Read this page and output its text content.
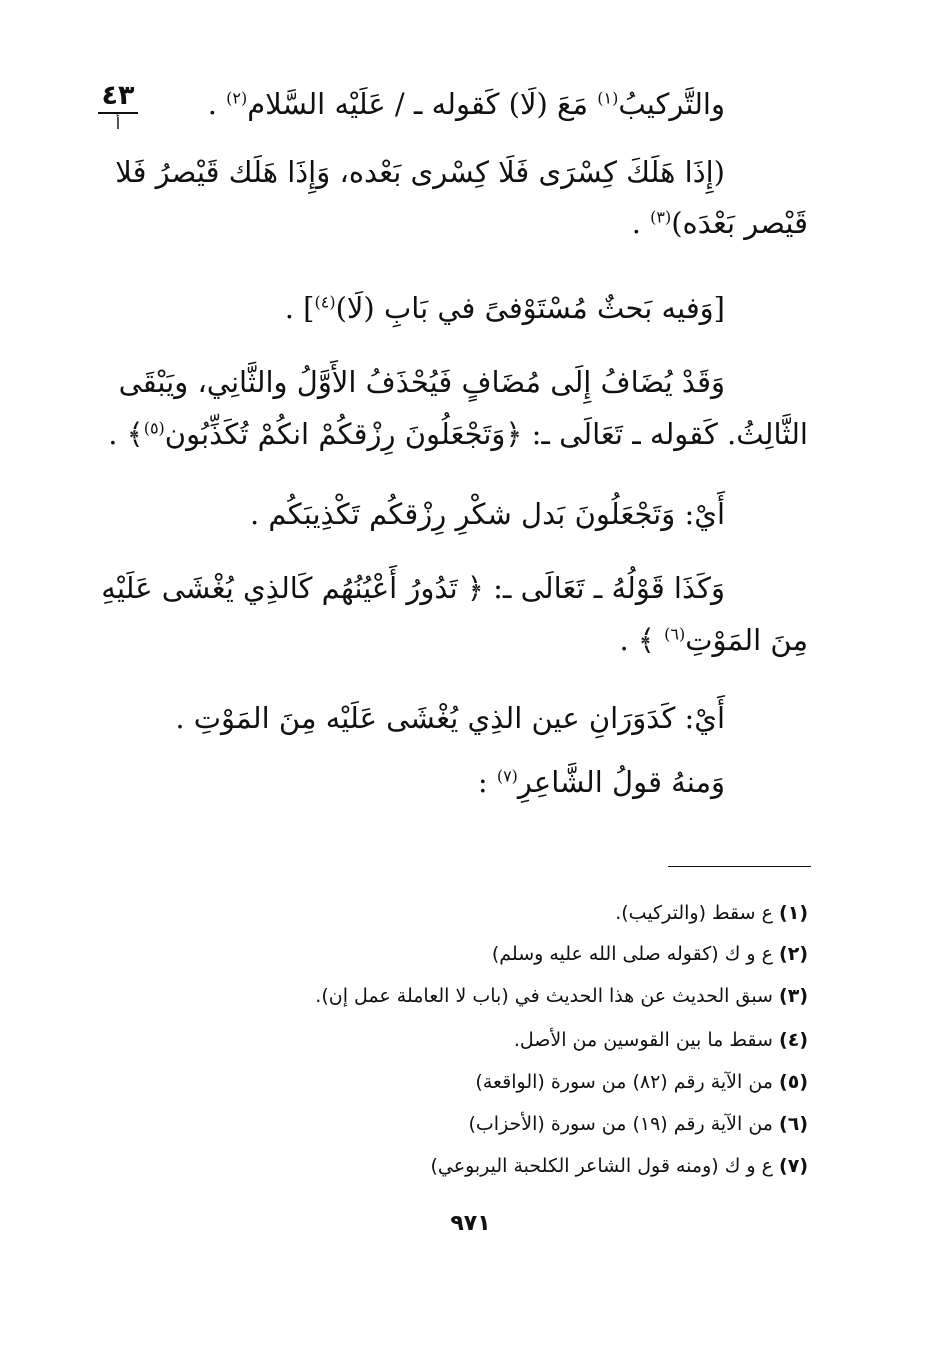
٤٣
أ
والتَّركيبُ$^{(١)}$ مَعَ (لَا) كَقوله ـ / عَلَيْه السَّلام$^{(٢)}$ .
(إِذَا هَلَكَ كِسْرَى فَلَا كِسْرى بَعْده، وَإِذَا هَلَك قَيْصرُ فَلا
قَيْصر بَعْدَه)$^{(٣)}$ .
[وَفيه بَحثٌ مُسْتَوْفىً في بَابِ (لَا)$^{(٤)}$] .
وَقَدْ يُضَافُ إِلَى مُضَافٍ فَيُحْذَفُ الأَوَّلُ والثَّانِي، ويَبْقَى
الثَّالِثُ. كَقوله ـ تَعَالَى ـ: ﴿وَتَجْعَلُونَ رِزْقكُمْ انكُمْ تُكَذِّبُون$^{(٥)}$﴾ .
أَيْ: وَتَجْعَلُونَ بَدل شكْرِ رِزْقكُم تَكْذِيبَكُم .
وَكَذَا قَوْلُهُ ـ تَعَالَى ـ: ﴿ تَدُورُ أَعْيُنُهُم كَالذِي يُغْشَى عَلَيْهِ
مِنَ المَوْتِ$^{(٦)}$ ﴾ .
أَيْ: كَدَوَرَانِ عين الذِي يُغْشَى عَلَيْه مِنَ المَوْتِ .
وَمنهُ قولُ الشَّاعِرِ$^{(٧)}$ :
(١) ع سقط (والتركيب).
(٢) ع و ك (كقوله صلى الله عليه وسلم)
(٣) سبق الحديث عن هذا الحديث في (باب لا العاملة عمل إن).
(٤) سقط ما بين القوسين من الأصل.
(٥) من الآية رقم (٨٢) من سورة (الواقعة)
(٦) من الآية رقم (١٩) من سورة (الأحزاب)
(٧) ع و ك (ومنه قول الشاعر الكلحبة اليربوعي)
٩٧١
